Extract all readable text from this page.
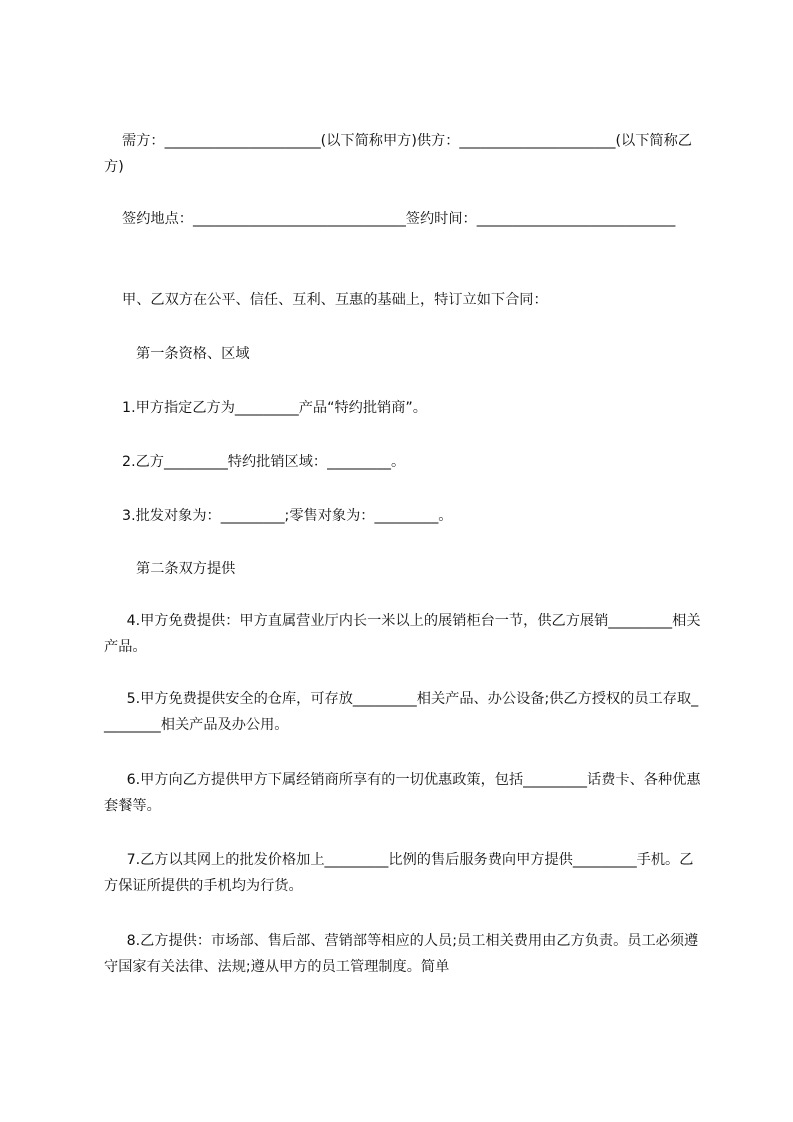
需方：______________________(以下简称甲方)供方：______________________(以下简称乙方)

签约地点：______________________________签约时间：____________________________

甲、乙双方在公平、信任、互利、互惠的基础上，特订立如下合同：

第一条资格、区域

1.甲方指定乙方为_________产品“特约批销商”。

2.乙方_________特约批销区域：_________。

3.批发对象为：_________;零售对象为：_________。

第二条双方提供

4.甲方免费提供：甲方直属营业厅内长一米以上的展销柜台一节，供乙方展销_________相关产品。

5.甲方免费提供安全的仓库，可存放_________相关产品、办公设备;供乙方授权的员工存取_________相关产品及办公用。

6.甲方向乙方提供甲方下属经销商所享有的一切优惠政策，包括_________话费卡、各种优惠套餐等。

7.乙方以其网上的批发价格加上_________比例的售后服务费向甲方提供_________手机。乙方保证所提供的手机均为行货。

8.乙方提供：市场部、售后部、营销部等相应的人员;员工相关费用由乙方负责。员工必须遵守国家有关法律、法规;遵从甲方的员工管理制度。简单
